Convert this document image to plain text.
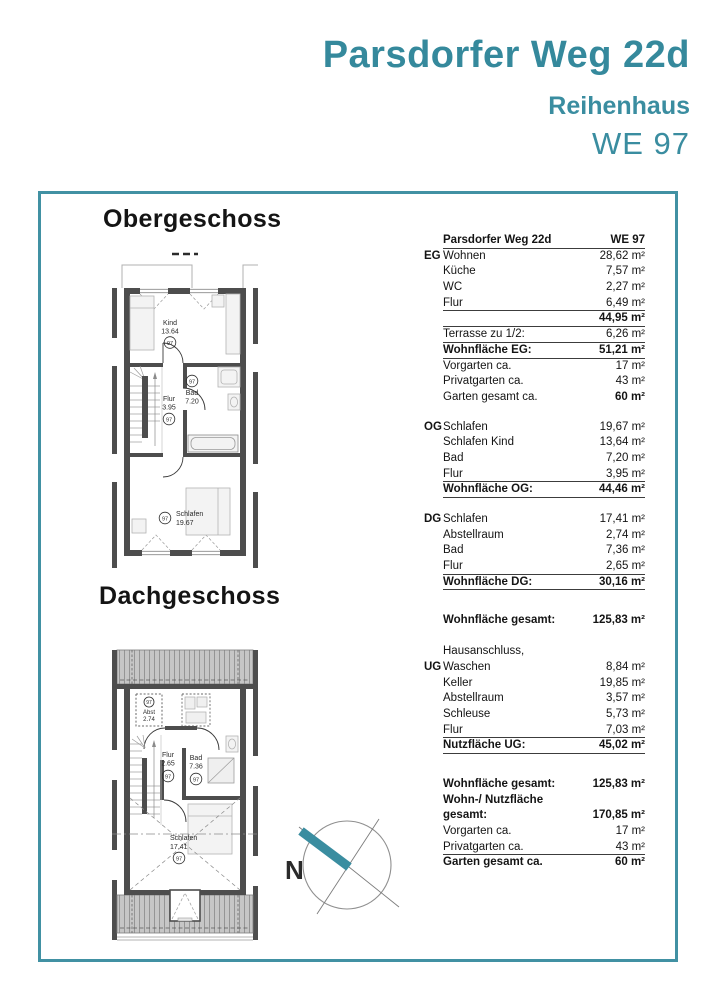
Parsdorfer Weg 22d
Reihenhaus
WE 97
Obergeschoss
Dachgeschoss
Kind
13.64
97
Flur
3.95
97
97
Bad
7.20
97
Schlafen
19.67
97
Abst
2.74
Flur
2.65
97
Bad
7.36
97
Schlafen
17.41
97	N
Parsdorfer Weg 22d	WE 97
EG Wohnen	28,62 m²
Küche	7,57 m²
WC	2,27 m²
Flur	6,49 m²
44,95 m²
Terrasse zu 1/2:	6,26 m²
Wohnfläche EG:	51,21 m²
Vorgarten ca.	17 m²
Privatgarten ca.	43 m²
Garten gesamt ca.	60 m²
OG Schlafen	19,67 m²
Schlafen Kind	13,64 m²
Bad	7,20 m²
Flur	3,95 m²
Wohnfläche OG:	44,46 m²
DG Schlafen	17,41 m²
Abstellraum	2,74 m²
Bad	7,36 m²
Flur	2,65 m²
Wohnfläche DG:	30,16 m²
Wohnfläche gesamt:	125,83 m²
Hausanschluss,
UG Waschen	8,84 m²
Keller	19,85 m²
Abstellraum	3,57 m²
Schleuse	5,73 m²
Flur	7,03 m²
Nutzfläche UG:	45,02 m²
Wohnfläche gesamt:	125,83 m²
Wohn-/ Nutzfläche
gesamt:	170,85 m²
Vorgarten ca.	17 m²
Privatgarten ca.	43 m²
Garten gesamt ca.	60 m²
